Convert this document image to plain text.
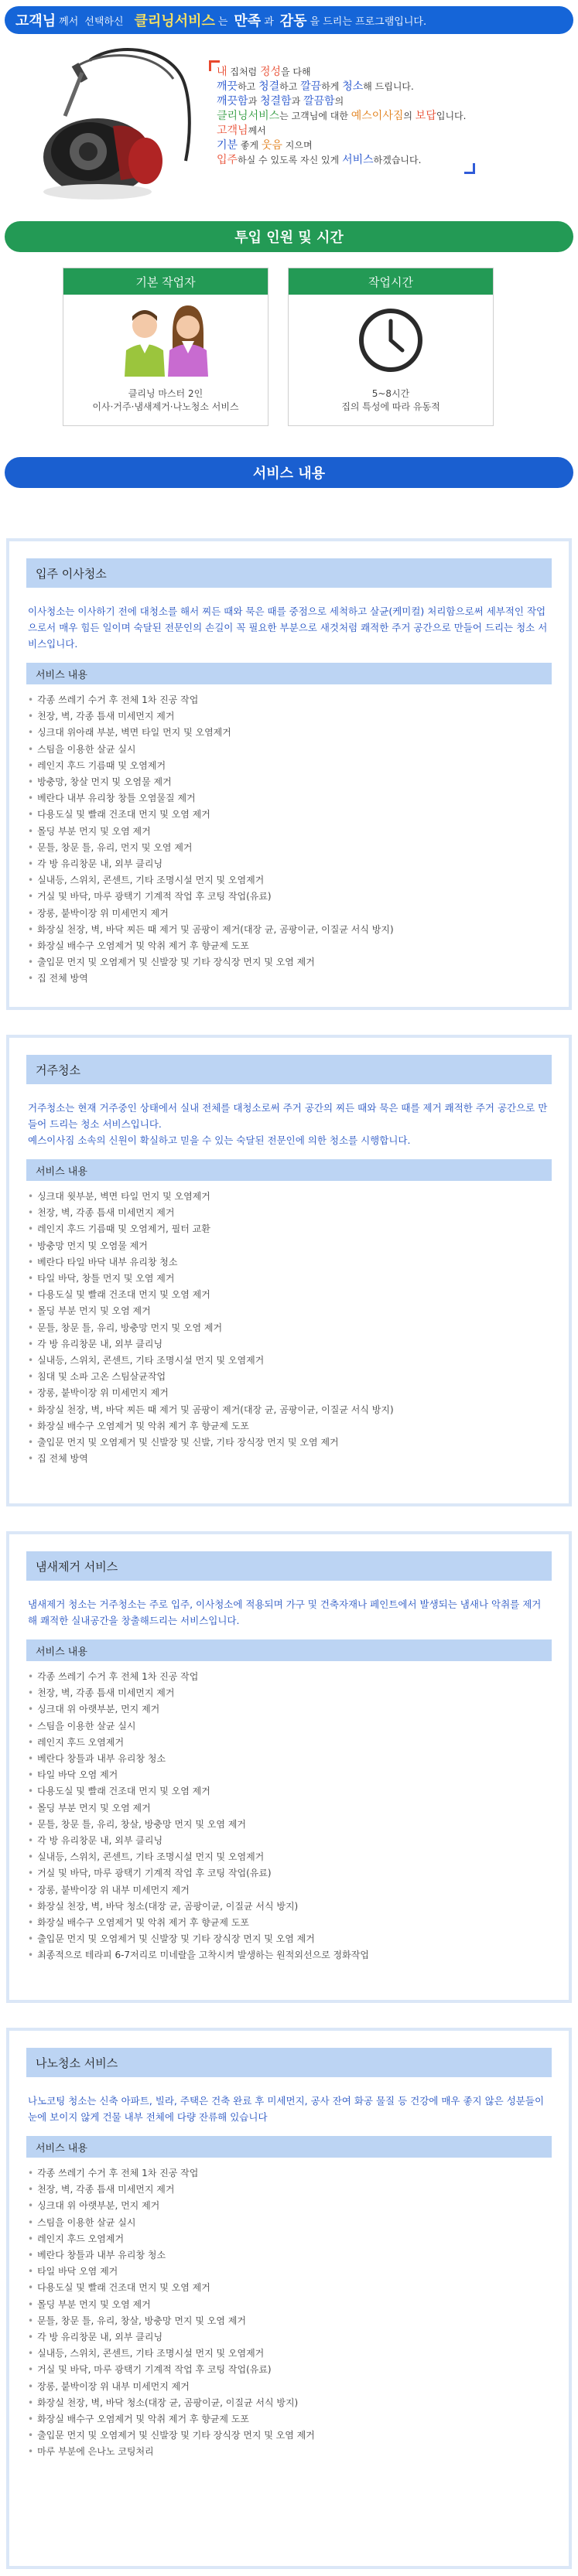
고객님 께서 선택하신 클리닝서비스 는 만족 과 감동 을 드리는 프로그램입니다.

내 집처럼 정성을 다해

깨끗하고 청결하고 깔끔하게 청소해 드립니다.

깨끗함과 청결함과 깔끔함의

클리닝서비스는 고객님에 대한 예스이사짐의 보답입니다.

고객님께서

기분 좋게 웃음 지으며

입주하실 수 있도록 자신 있게 서비스하겠습니다.

투입 인원 및 시간
기본 작업자
클리닝 마스터 2인
이사·거주·냄새제거·나노청소 서비스
작업시간
5~8시간
집의 특성에 따라 유동적
서비스 내용
입주 이사청소
이사청소는 이사하기 전에 대청소를 해서 찌든 때와 묵은 때를 중점으로 세척하고 살균(케미컬) 처리함으로써 세부적인 작업으로서 매우 힘든 일이며 숙달된 전문인의 손길이 꼭 필요한 부분으로 새것처럼 쾌적한 주거 공간으로 만들어 드리는 청소 서비스입니다.
서비스 내용
• 각종 쓰레기 수거 후 전체 1차 진공 작업
• 천장, 벽, 각종 틈새 미세먼지 제거
• 싱크대 위아래 부분, 벽면 타일 먼지 및 오염제거
• 스팀을 이용한 살균 실시
• 레인지 후드 기름때 및 오염제거
• 방충망, 창살 먼지 및 오염물 제거
• 베란다 내부 유리창 창틀 오염물질 제거
• 다용도실 및 빨래 건조대 먼지 및 오염 제거
• 몰딩 부분 먼지 및 오염 제거
• 문틀, 창문 틀, 유리, 먼지 및 오염 제거
• 각 방 유리창문 내, 외부 클리닝
• 실내등, 스위치, 콘센트, 기타 조명시설 먼지 및 오염제거
• 거실 및 바닥, 마루 광택기 기계적 작업 후 코팅 작업(유료)
• 장롱, 붙박이장 위 미세먼지 제거
• 화장실 천장, 벽, 바닥 찌든 때 제거 및 곰팡이 제거(대장 균, 곰팡이균, 이질균 서식 방지)
• 화장실 배수구 오염제거 및 악취 제거 후 향균제 도포
• 출입문 먼지 및 오염제거 및 신발장 및 기타 장식장 먼지 및 오염 제거
• 집 전체 방역
거주청소
거주청소는 현재 거주중인 상태에서 실내 전체를 대청소로써 주거 공간의 찌든 때와 묵은 때를 제거 쾌적한 주거 공간으로 만들어 드리는 청소 서비스입니다.
예스이사짐 소속의 신원이 확실하고 믿을 수 있는 숙달된 전문인에 의한 청소를 시행합니다.
서비스 내용
• 싱크대 윗부분, 벽면 타일 먼지 및 오염제거
• 천장, 벽, 각종 틈새 미세먼지 제거
• 레인지 후드 기름때 및 오염제거, 필터 교환
• 방충망 먼지 및 오염물 제거
• 베란다 타일 바닥 내부 유리창 청소
• 타일 바닥, 창틀 먼지 및 오염 제거
• 다용도실 및 빨래 건조대 먼지 및 오염 제거
• 몰딩 부분 먼지 및 오염 제거
• 문틀, 창문 틀, 유리, 방충망 먼지 및 오염 제거
• 각 방 유리창문 내, 외부 클리닝
• 실내등, 스위치, 콘센트, 기타 조명시설 먼지 및 오염제거
• 침대 및 소파 고온 스팀살균작업
• 장롱, 붙박이장 위 미세먼지 제거
• 화장실 천장, 벽, 바닥 찌든 때 제거 및 곰팡이 제거(대장 균, 곰팡이균, 이질균 서식 방지)
• 화장실 배수구 오염제거 및 악취 제거 후 향균제 도포
• 출입문 먼지 및 오염제거 및 신발장 및 신발, 기타 장식장 먼지 및 오염 제거
• 집 전체 방역
냄새제거 서비스
냄새제거 청소는 거주청소는 주로 입주, 이사청소에 적용되며 가구 및 건축자재나 페인트에서 발생되는 냄새나 악취를 제거해 쾌적한 실내공간을 창출해드리는 서비스입니다.
서비스 내용
• 각종 쓰레기 수거 후 전체 1차 진공 작업
• 천장, 벽, 각종 틈새 미세먼지 제거
• 싱크대 위 아랫부분, 먼지 제거
• 스팀을 이용한 살균 실시
• 레인지 후드 오염제거
• 베란다 창틀과 내부 유리창 청소
• 타일 바닥 오염 제거
• 다용도실 및 빨래 건조대 먼지 및 오염 제거
• 몰딩 부분 먼지 및 오염 제거
• 문틀, 창문 틀, 유리, 창살, 방충망 먼지 및 오염 제거
• 각 방 유리창문 내, 외부 클리닝
• 실내등, 스위치, 콘센트, 기타 조명시설 먼지 및 오염제거
• 거실 및 바닥, 마루 광택기 기계적 작업 후 코팅 작업(유료)
• 장롱, 붙박이장 위 내부 미세먼지 제거
• 화장실 천장, 벽, 바닥 청소(대장 균, 곰팡이균, 이질균 서식 방지)
• 화장실 배수구 오염제거 및 악취 제거 후 향균제 도포
• 출입문 먼지 및 오염제거 및 신발장 및 기타 장식장 먼지 및 오염 제거
• 최종적으로 테라피 6-7저리로 미네랄을 고착시켜 발생하는 원적외선으로 정화작업
나노청소 서비스
나노코팅 청소는 신축 아파트, 빌라, 주택은 건축 완료 후 미세먼지, 공사 잔여 화공 물질 등 건강에 매우 좋지 않은 성분들이 눈에 보이지 않게 건물 내부 전체에 다량 잔류해 있습니다
서비스 내용
• 각종 쓰레기 수거 후 전체 1차 진공 작업
• 천장, 벽, 각종 틈새 미세먼지 제거
• 싱크대 위 아랫부분, 먼지 제거
• 스팀을 이용한 살균 실시
• 레인지 후드 오염제거
• 베란다 창틀과 내부 유리창 청소
• 타일 바닥 오염 제거
• 다용도실 및 빨래 건조대 먼지 및 오염 제거
• 몰딩 부분 먼지 및 오염 제거
• 문틀, 창문 틀, 유리, 창살, 방충망 먼지 및 오염 제거
• 각 방 유리창문 내, 외부 클리닝
• 실내등, 스위치, 콘센트, 기타 조명시설 먼지 및 오염제거
• 거실 및 바닥, 마루 광택기 기계적 작업 후 코팅 작업(유료)
• 장롱, 붙박이장 위 내부 미세먼지 제거
• 화장실 천장, 벽, 바닥 청소(대장 균, 곰팡이균, 이질균 서식 방지)
• 화장실 배수구 오염제거 및 악취 제거 후 향균제 도포
• 출입문 먼지 및 오염제거 및 신발장 및 기타 장식장 먼지 및 오염 제거
• 마루 부분에 은나노 코팅처리
